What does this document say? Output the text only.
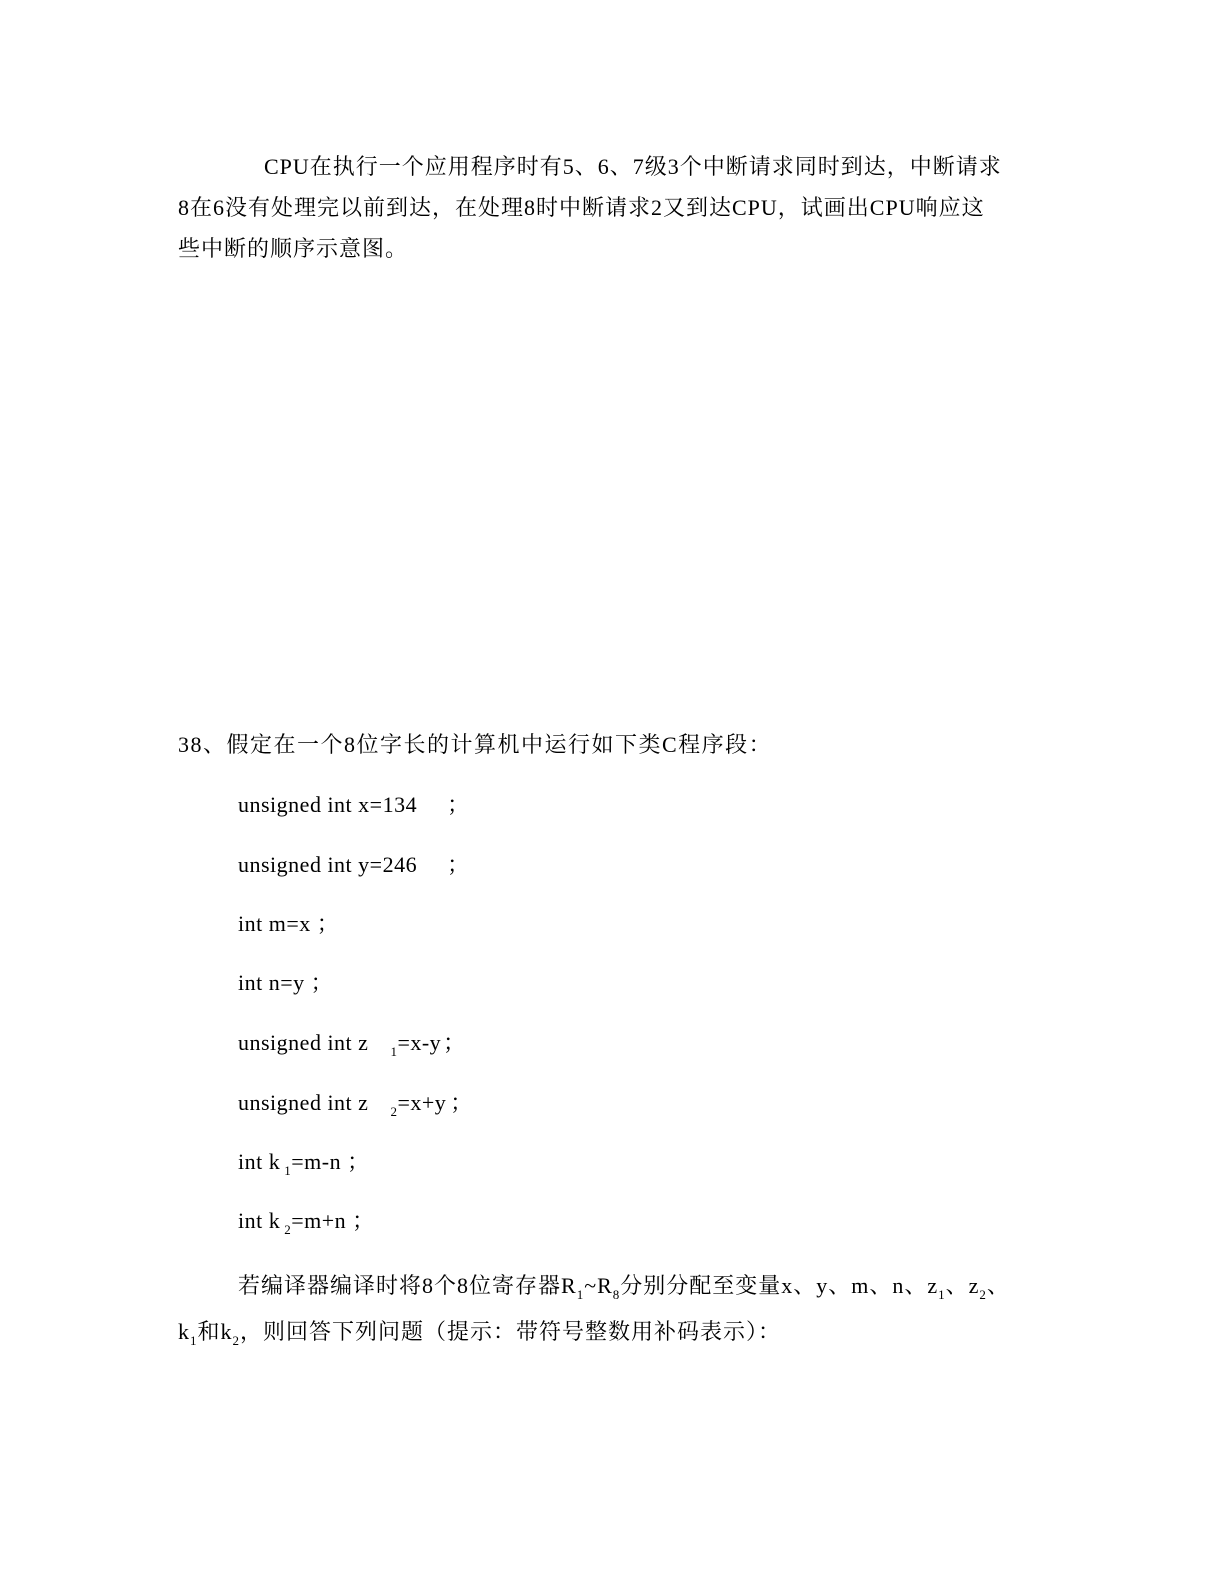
CPU在执行一个应用程序时有5、6、7级3个中断请求同时到达，中断请求
8在6没有处理完以前到达，在处理8时中断请求2又到达CPU，试画出CPU响应这
些中断的顺序示意图。
38、假定在一个8位字长的计算机中运行如下类C程序段：
unsigned int x=134 ；
unsigned int y=246 ；
int m=x ；
int n=y ；
unsigned int z $_1$=x-y；
unsigned int z $_2$=x+y ；
int k $_1$=m-n ；
int k $_2$=m+n ；
若编译器编译时将8个8位寄存器$R_1\sim R_8$分别分配至变量x、y、m、n、$z_1$、$z_2$、
$k_1$和$k_2$，则回答下列问题（提示：带符号整数用补码表示）：
